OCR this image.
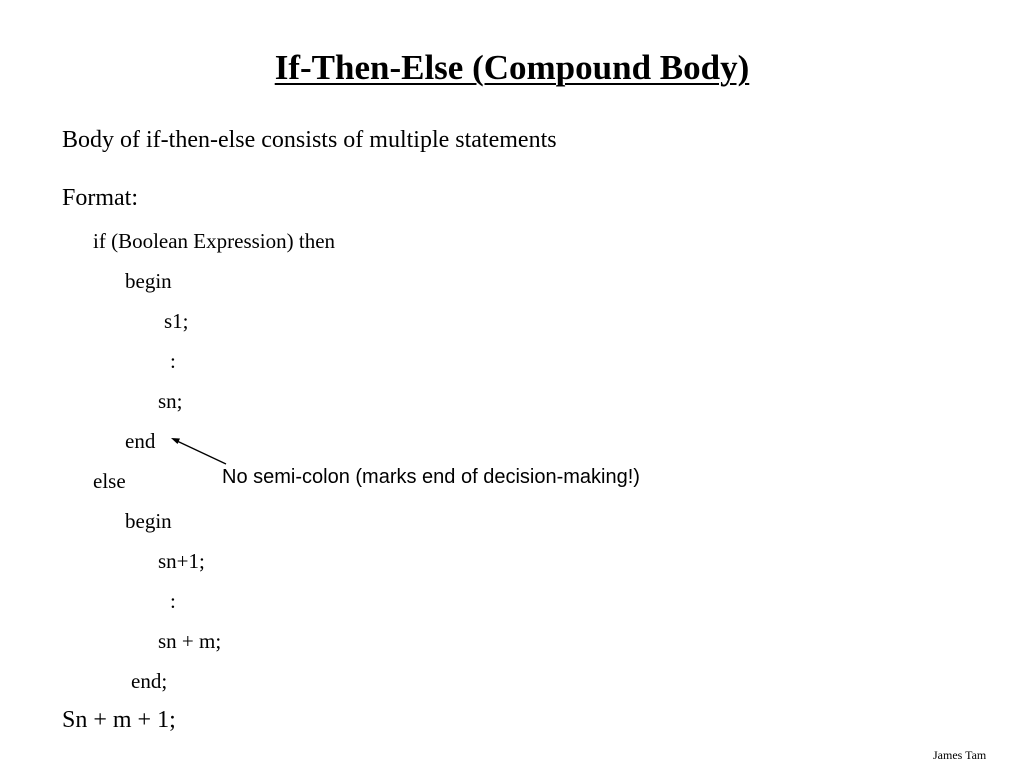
If-Then-Else (Compound Body)
Body of if-then-else consists of multiple statements
Format:
if (Boolean Expression) then
begin
s1;
:
sn;
end
else
begin
sn+1;
:
sn + m;
end;
Sn + m + 1;
No semi-colon (marks end of decision-making!)
James Tam
